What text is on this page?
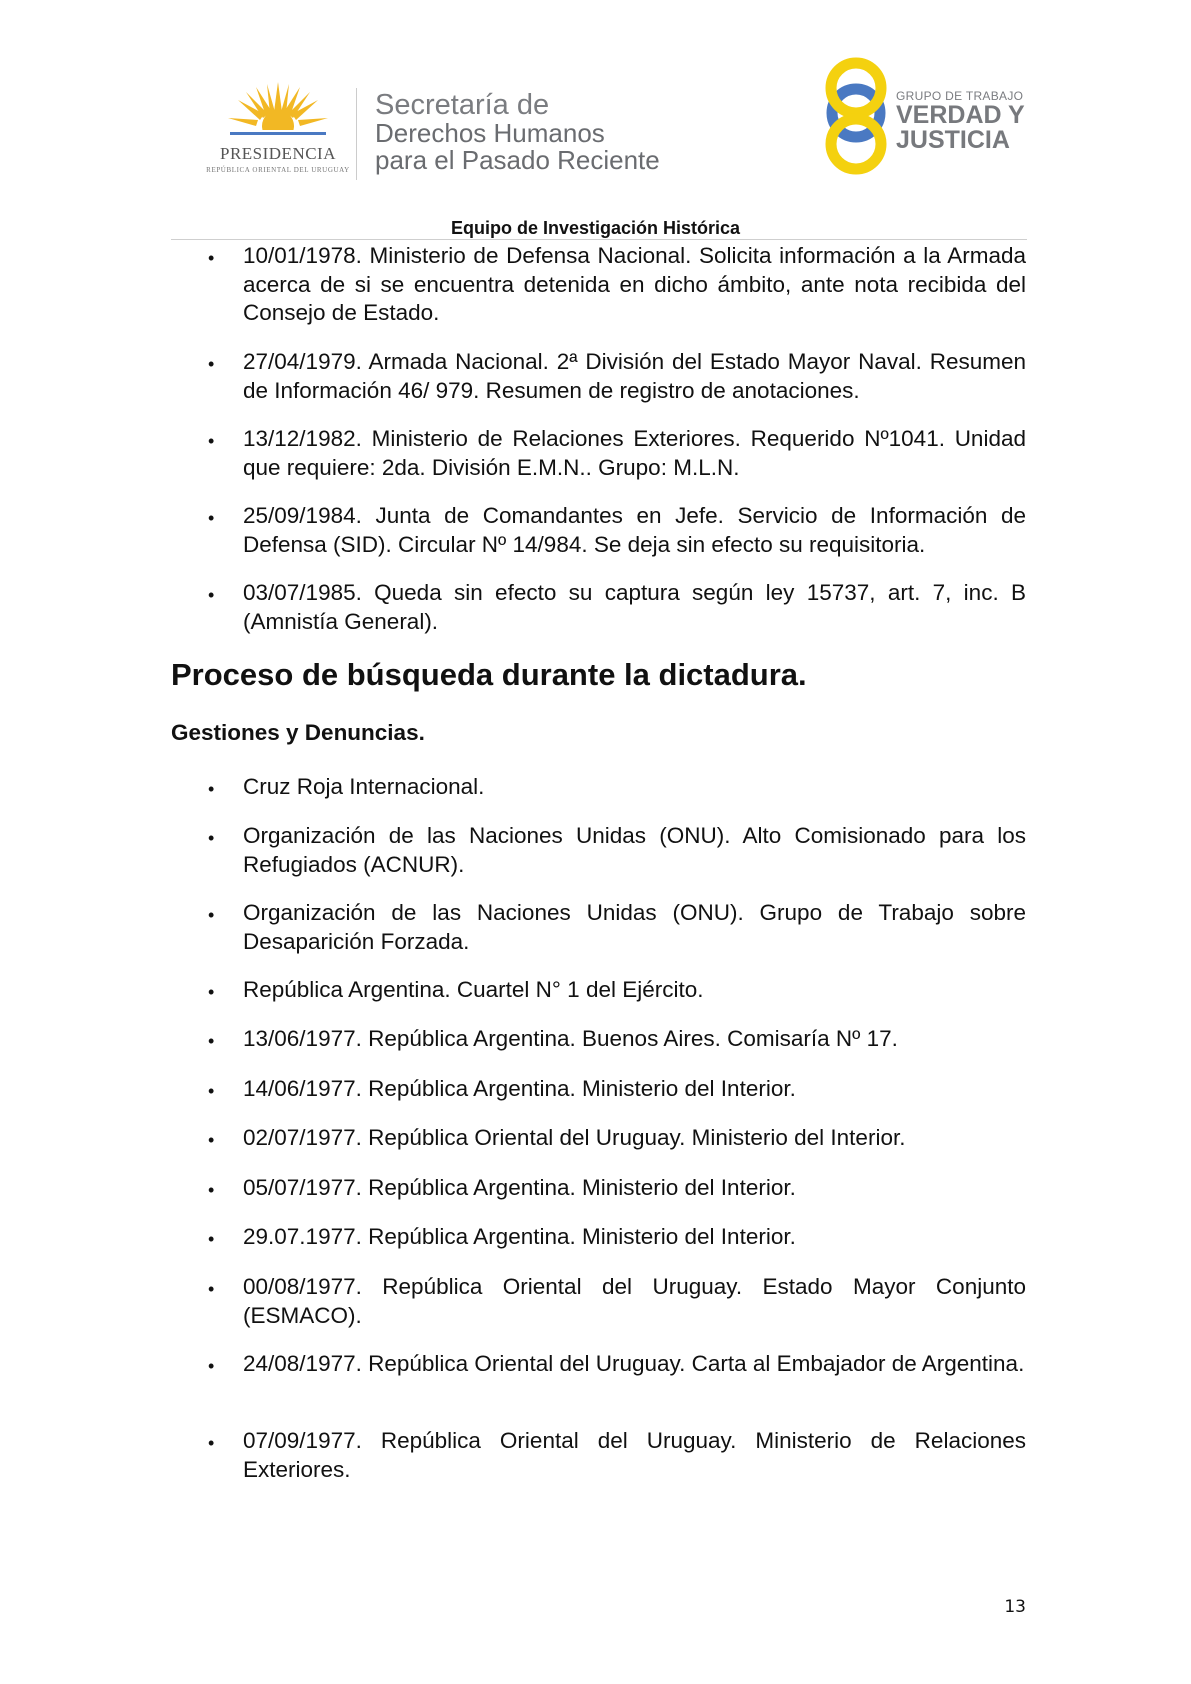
PRESIDENCIA
REPÚBLICA ORIENTAL DEL URUGUAY
Secretaría de
Derechos Humanos
para el Pasado Reciente
GRUPO DE TRABAJO
VERDAD Y
JUSTICIA
Equipo de Investigación Histórica
10/01/1978. Ministerio de Defensa Nacional. Solicita información a la Armada acerca de si se encuentra detenida en dicho ámbito, ante nota recibida del Consejo de Estado.
27/04/1979. Armada Nacional. 2ª División del Estado Mayor Naval. Resumen de Información 46/ 979. Resumen de registro de anotaciones.
13/12/1982. Ministerio de Relaciones Exteriores. Requerido Nº1041. Unidad que requiere: 2da. División E.M.N.. Grupo: M.L.N.
25/09/1984. Junta de Comandantes en Jefe. Servicio de Información de Defensa (SID). Circular Nº 14/984. Se deja sin efecto su requisitoria.
03/07/1985. Queda sin efecto su captura según ley 15737, art. 7, inc. B (Amnistía General).
•
•
•
•
•
Proceso de búsqueda durante la dictadura.
Gestiones y Denuncias.
Cruz Roja Internacional.
Organización de las Naciones Unidas (ONU). Alto Comisionado para los Refugiados (ACNUR).
Organización de las Naciones Unidas (ONU). Grupo de Trabajo sobre Desaparición Forzada.
República Argentina. Cuartel N° 1 del Ejército.
13/06/1977. República Argentina. Buenos Aires. Comisaría Nº 17.
14/06/1977. República Argentina. Ministerio del Interior.
02/07/1977. República Oriental del Uruguay. Ministerio del Interior.
05/07/1977. República Argentina. Ministerio del Interior.
29.07.1977. República Argentina. Ministerio del Interior.
00/08/1977. República Oriental del Uruguay. Estado Mayor Conjunto (ESMACO).
24/08/1977. República Oriental del Uruguay. Carta al Embajador de Argentina.
07/09/1977. República Oriental del Uruguay. Ministerio de Relaciones Exteriores.
•
•
•
•
•
•
•
•
•
•
•
•
13
